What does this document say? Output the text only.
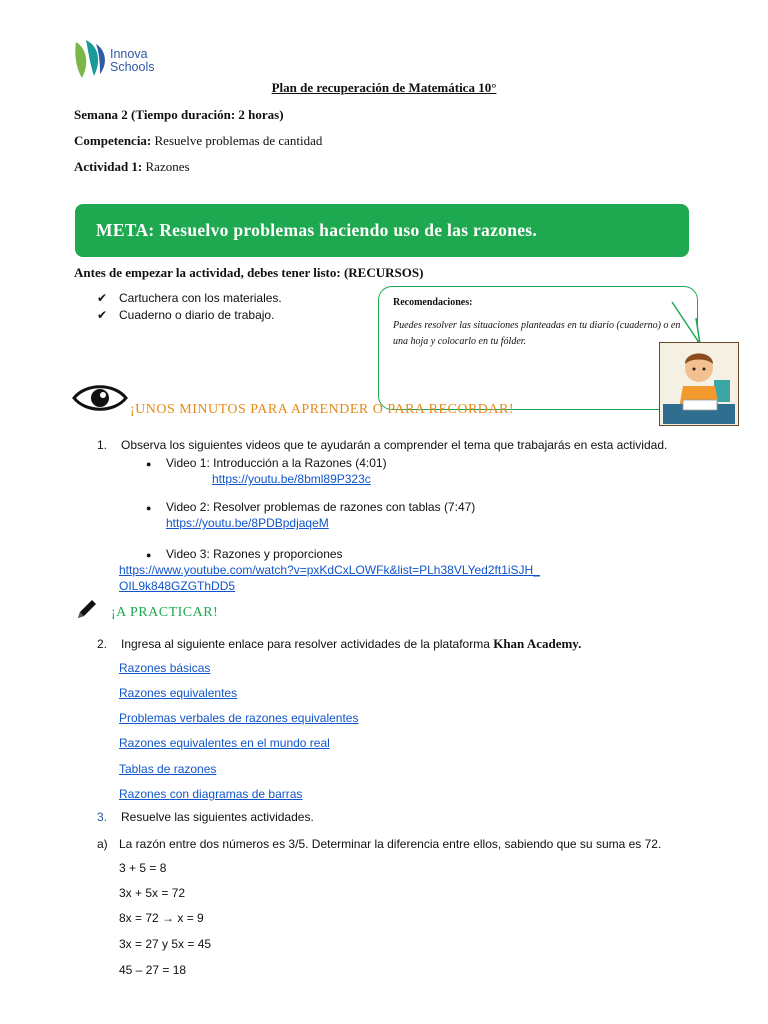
Innova
Schools
Plan de recuperación de Matemática 10°
Semana 2 (Tiempo duración: 2 horas)
Competencia: Resuelve problemas de cantidad
Actividad 1: Razones
META: Resuelvo problemas haciendo uso de las razones.
Antes de empezar la actividad, debes tener listo: (RECURSOS)
✔ Cartuchera con los materiales.
✔ Cuaderno o diario de trabajo.
Recomendaciones:
Puedes resolver las situaciones planteadas en tu diario (cuaderno) o en una hoja y colocarlo en tu fólder.
¡UNOS MINUTOS PARA APRENDER O PARA RECORDAR!
1. Observa los siguientes videos que te ayudarán a comprender el tema que trabajarás en esta actividad.
● Video 1: Introducción a la Razones (4:01)
https://youtu.be/8bml89P323c
● Video 2: Resolver problemas de razones con tablas (7:47)
https://youtu.be/8PDBpdjaqeM
● Video 3: Razones y proporciones
https://www.youtube.com/watch?v=pxKdCxLOWFk&list=PLh38VLYed2ft1iSJH_
OIL9k848GZGThDD5
¡A PRACTICAR!
2. Ingresa al siguiente enlace para resolver actividades de la plataforma Khan Academy.
Razones básicas
Razones equivalentes
Problemas verbales de razones equivalentes
Razones equivalentes en el mundo real
Tablas de razones
Razones con diagramas de barras
3. Resuelve las siguientes actividades.
a) La razón entre dos números es 3/5. Determinar la diferencia entre ellos, sabiendo que su suma es 72.
3 + 5 = 8
3x + 5x = 72
8x = 72 → x = 9
3x = 27 y 5x = 45
45 – 27 = 18
